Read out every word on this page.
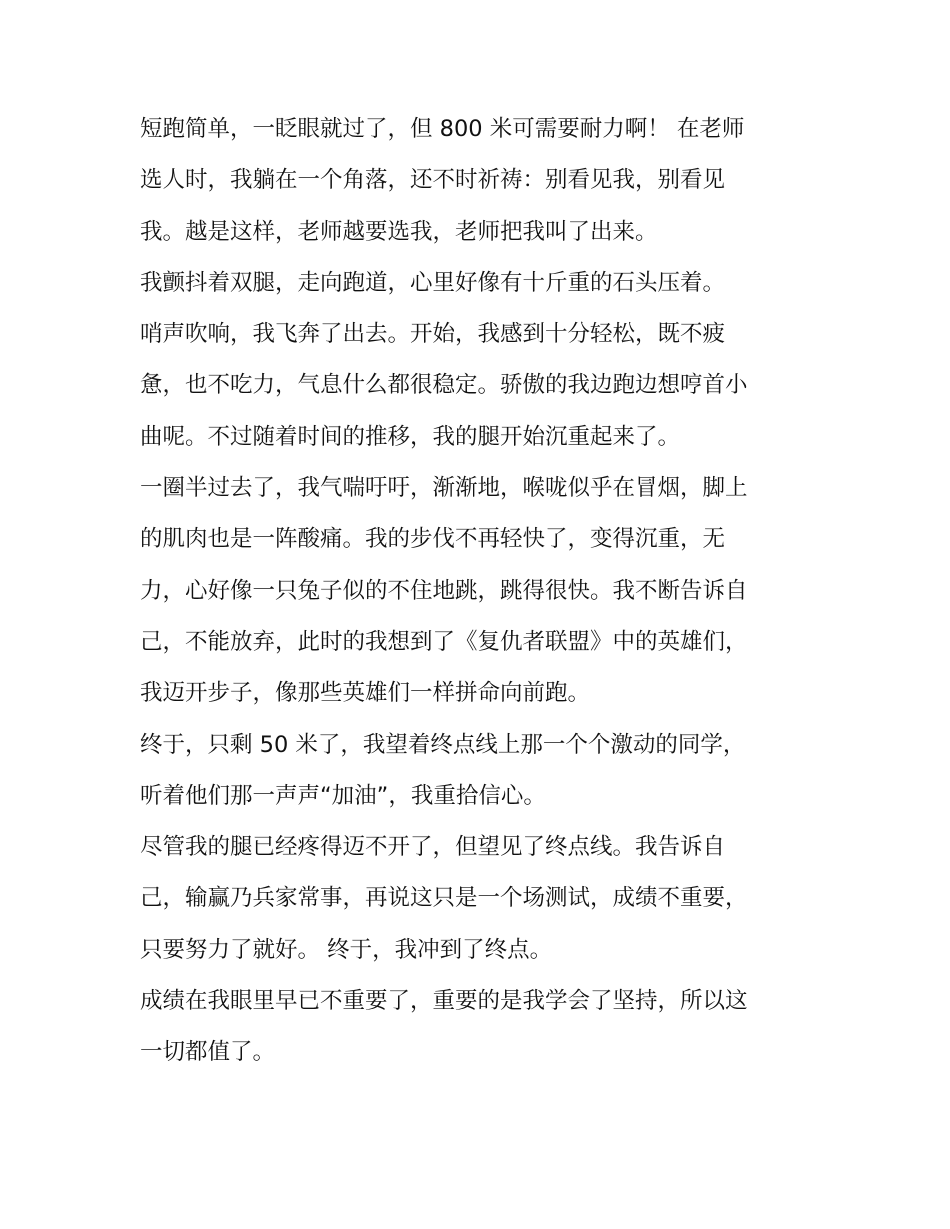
短跑简单，一眨眼就过了，但 800 米可需要耐力啊！ 在老师
选人时，我躺在一个角落，还不时祈祷：别看见我，别看见
我。越是这样，老师越要选我，老师把我叫了出来。
我颤抖着双腿，走向跑道，心里好像有十斤重的石头压着。
哨声吹响，我飞奔了出去。开始，我感到十分轻松，既不疲
惫，也不吃力，气息什么都很稳定。骄傲的我边跑边想哼首小
曲呢。不过随着时间的推移，我的腿开始沉重起来了。
一圈半过去了，我气喘吁吁，渐渐地，喉咙似乎在冒烟，脚上
的肌肉也是一阵酸痛。我的步伐不再轻快了，变得沉重，无
力，心好像一只兔子似的不住地跳，跳得很快。我不断告诉自
己，不能放弃，此时的我想到了《复仇者联盟》中的英雄们，
我迈开步子，像那些英雄们一样拼命向前跑。
终于，只剩 50 米了，我望着终点线上那一个个激动的同学，
听着他们那一声声“加油”，我重拾信心。
尽管我的腿已经疼得迈不开了，但望见了终点线。我告诉自
己，输赢乃兵家常事，再说这只是一个场测试，成绩不重要，
只要努力了就好。 终于，我冲到了终点。
成绩在我眼里早已不重要了，重要的是我学会了坚持，所以这
一切都值了。
